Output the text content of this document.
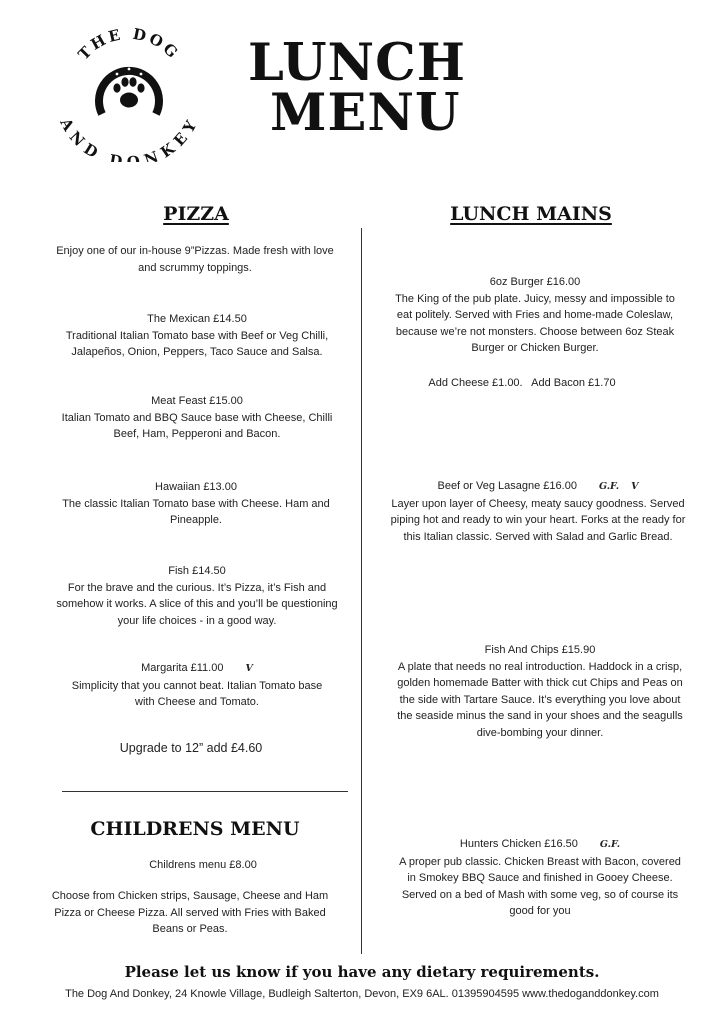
THE DOG
AND DONKEY
LUNCH
MENU
PIZZA	LUNCH MAINS
Enjoy one of our in-house 9”Pizzas. Made fresh with love and scrummy toppings.
The Mexican £14.50
Traditional Italian Tomato base with Beef or Veg Chilli, Jalapeños, Onion, Peppers, Taco Sauce and Salsa.
Meat Feast £15.00
Italian Tomato and BBQ Sauce base with Cheese, Chilli Beef, Ham, Pepperoni and Bacon.
Hawaiian £13.00
The classic Italian Tomato base with Cheese. Ham and Pineapple.
Fish £14.50
For the brave and the curious. It’s Pizza, it’s Fish and somehow it works. A slice of this and you’ll be questioning your life choices - in a good way.
Margarita £11.00 V
Simplicity that you cannot beat. Italian Tomato base with Cheese and Tomato.
Upgrade to 12” add £4.60
CHILDRENS MENU
Childrens menu £8.00
Choose from Chicken strips, Sausage, Cheese and Ham Pizza or Cheese Pizza. All served with Fries with Baked Beans or Peas.
6oz Burger £16.00
The King of the pub plate. Juicy, messy and impossible to eat politely. Served with Fries and home-made Coleslaw, because we’re not monsters. Choose between 6oz Steak Burger or Chicken Burger.
Add Cheese £1.00.   Add Bacon £1.70
Beef or Veg Lasagne £16.00 G.F. V
Layer upon layer of Cheesy, meaty saucy goodness. Served piping hot and ready to win your heart. Forks at the ready for this Italian classic. Served with Salad and Garlic Bread.
Fish And Chips £15.90
A plate that needs no real introduction. Haddock in a crisp, golden homemade Batter with thick cut Chips and Peas on the side with Tartare Sauce. It’s everything you love about the seaside minus the sand in your shoes and the seagulls dive-bombing your dinner.
Hunters Chicken £16.50 G.F.
A proper pub classic. Chicken Breast with Bacon, covered in Smokey BBQ Sauce and finished in Gooey Cheese. Served on a bed of Mash with some veg, so of course its good for you
Please let us know if you have any dietary requirements.
The Dog And Donkey, 24 Knowle Village, Budleigh Salterton, Devon, EX9 6AL. 01395904595 www.thedoganddonkey.com
